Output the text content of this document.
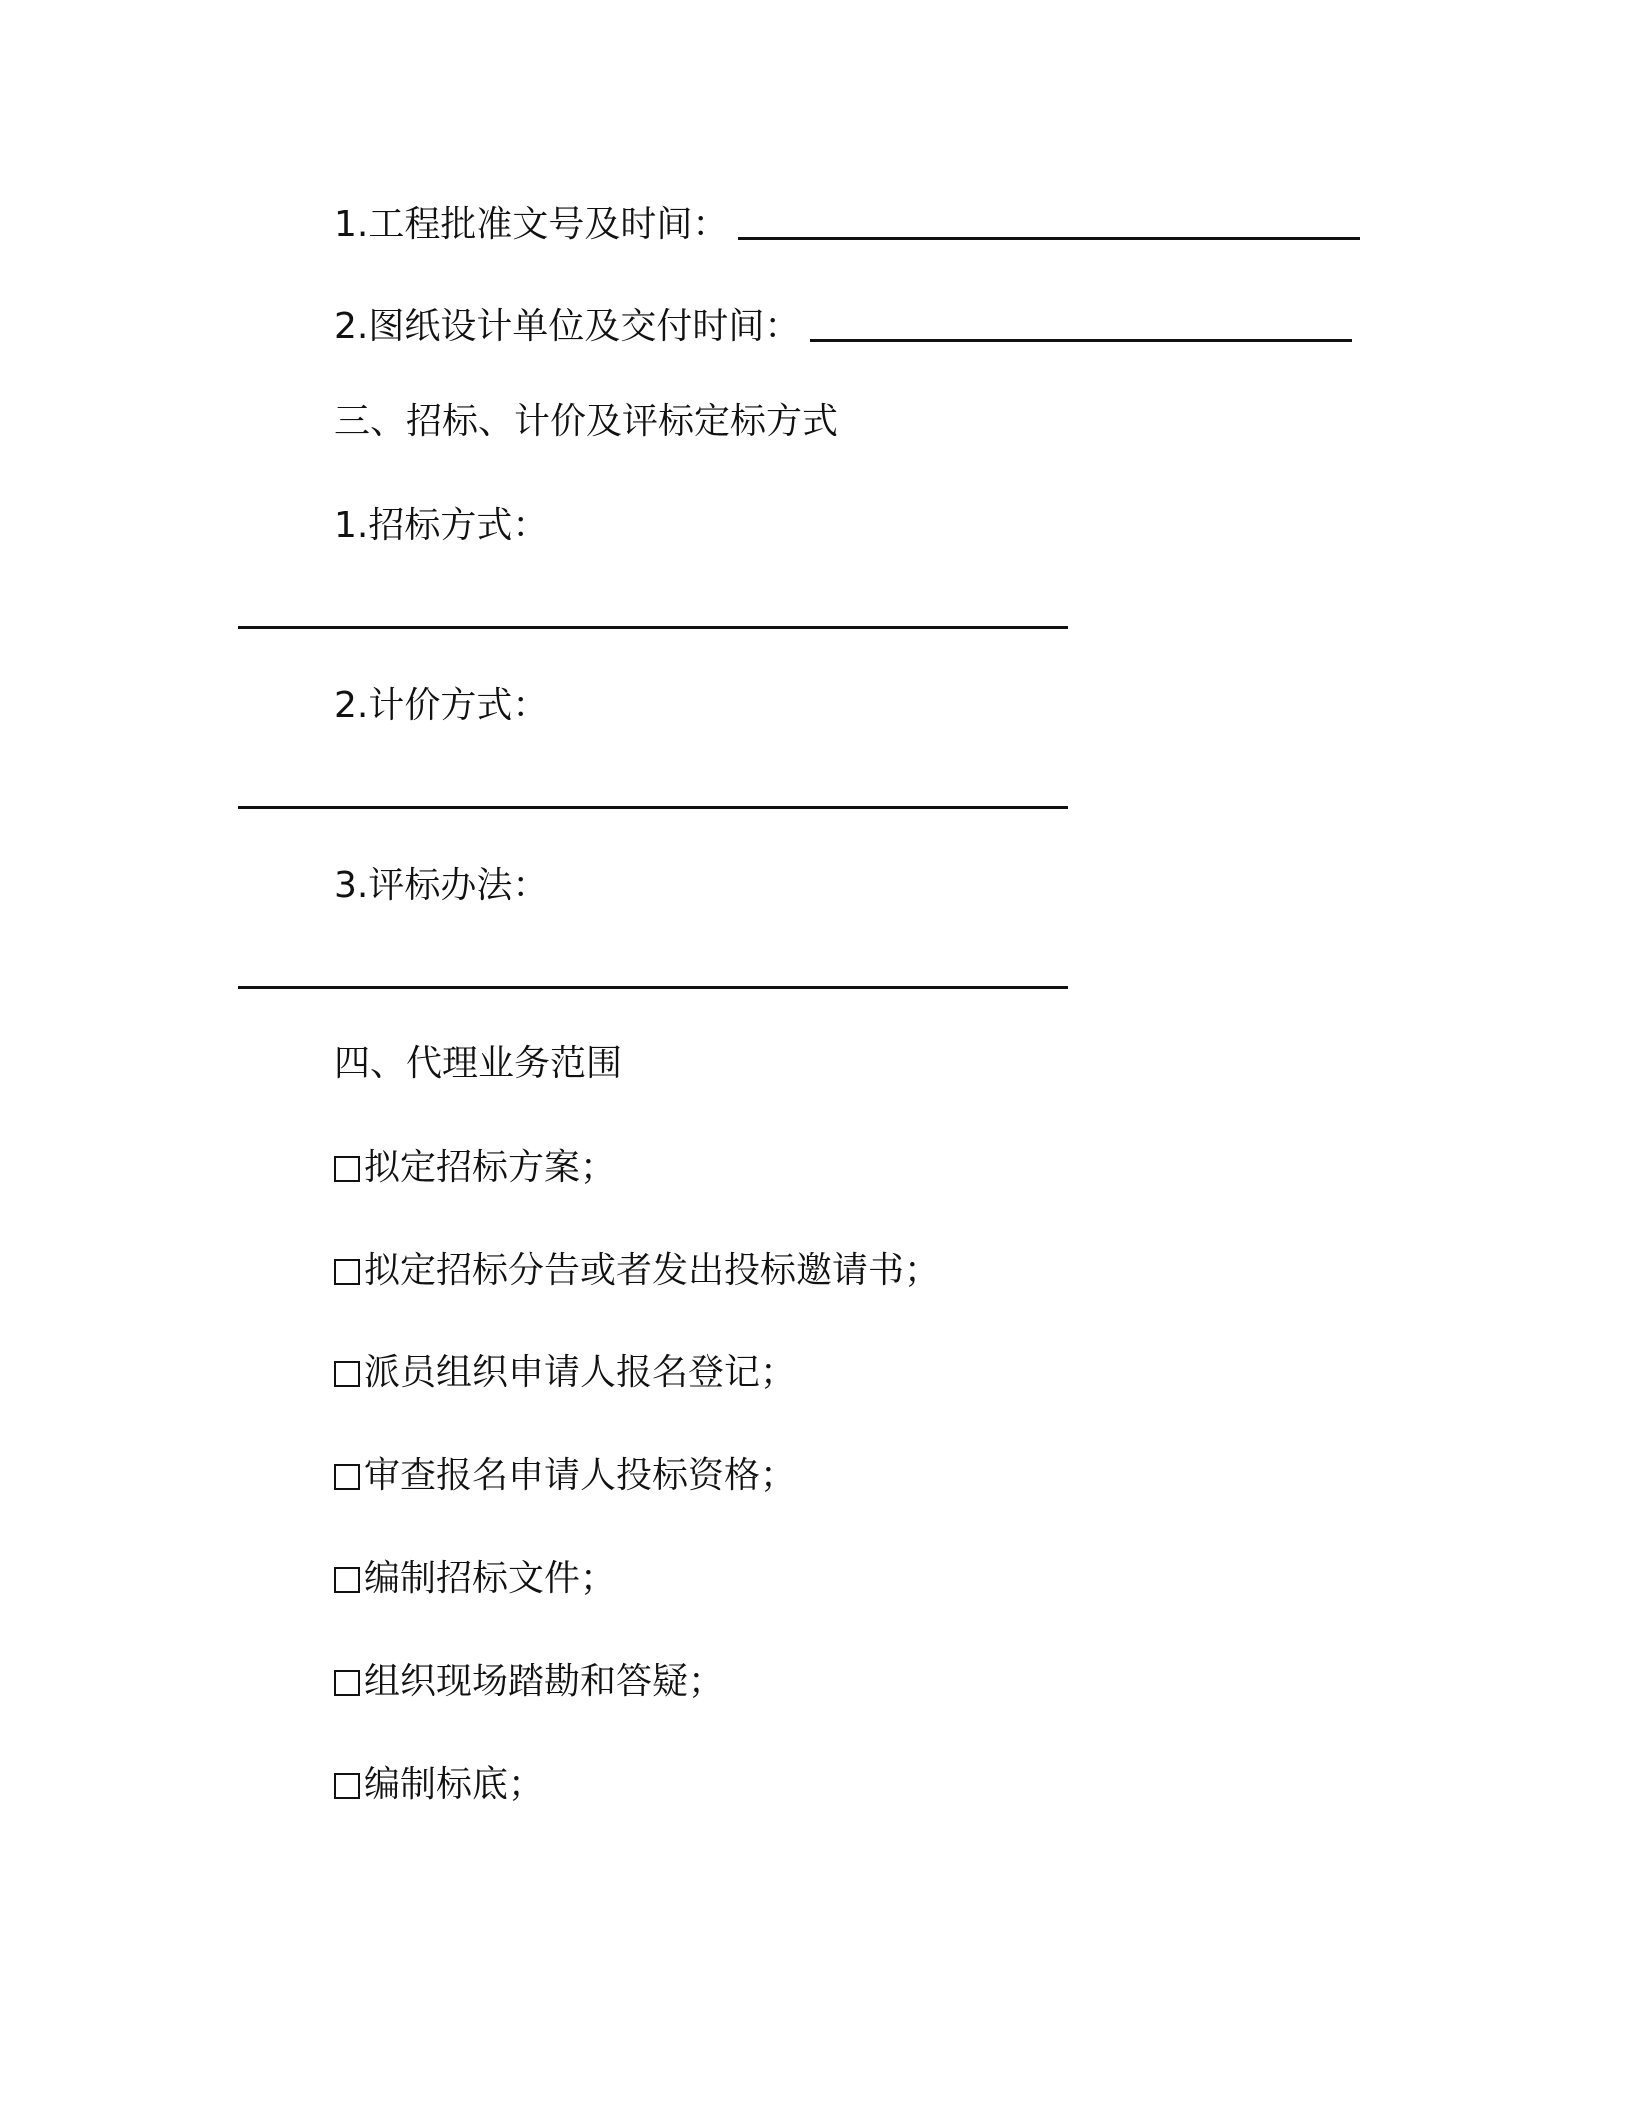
1.工程批准文号及时间：
2.图纸设计单位及交付时间：
三、招标、计价及评标定标方式
1.招标方式：
2.计价方式：
3.评标办法：
四、代理业务范围
拟定招标方案；
拟定招标分告或者发出投标邀请书；
派员组织申请人报名登记；
审查报名申请人投标资格；
编制招标文件；
组织现场踏勘和答疑；
编制标底；
